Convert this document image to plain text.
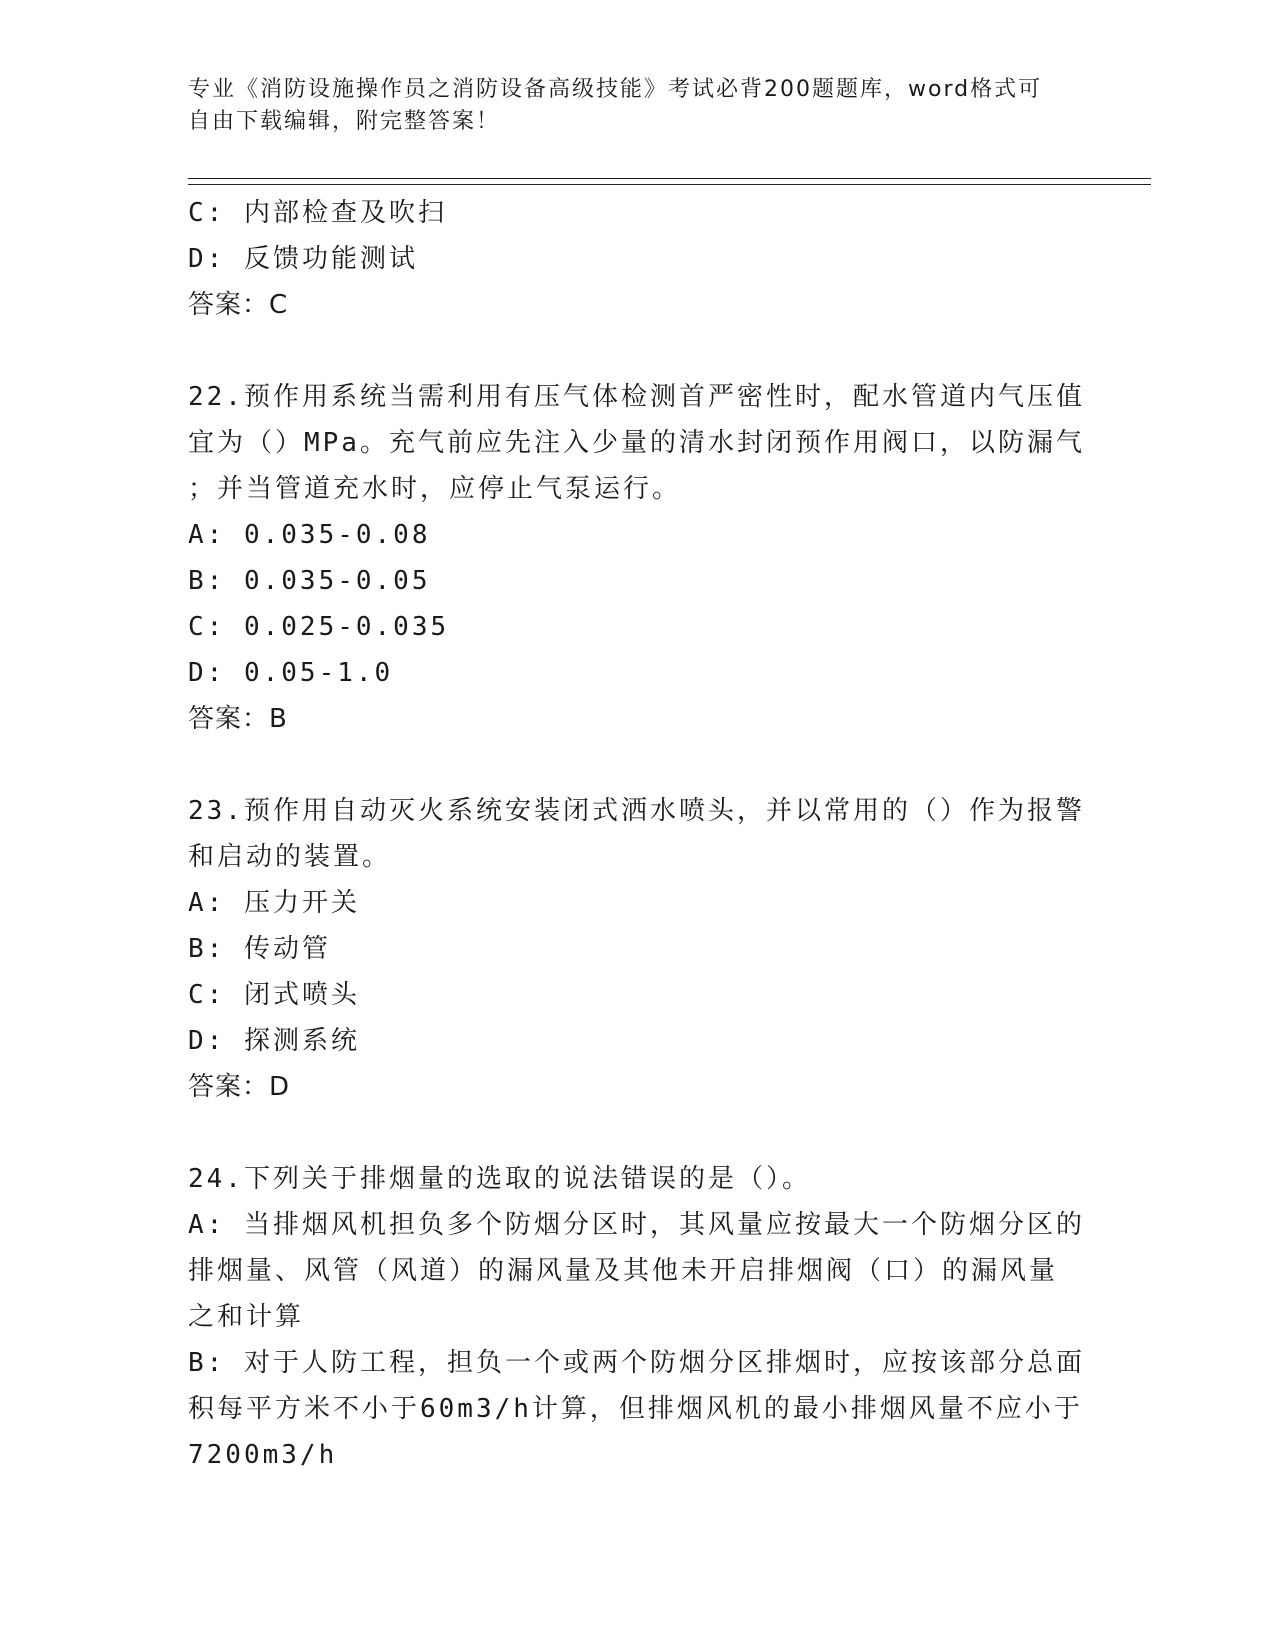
专业《消防设施操作员之消防设备高级技能》考试必背200题题库，word格式可
自由下载编辑，附完整答案！
C: 内部检查及吹扫
D: 反馈功能测试
答案：C
22.预作用系统当需利用有压气体检测首严密性时，配水管道内气压值
宜为（）MPa。充气前应先注入少量的清水封闭预作用阀口，以防漏气
；并当管道充水时，应停止气泵运行。
A: 0.035-0.08
B: 0.035-0.05
C: 0.025-0.035
D: 0.05-1.0
答案：B
23.预作用自动灭火系统安装闭式洒水喷头，并以常用的（）作为报警
和启动的装置。
A: 压力开关
B: 传动管
C: 闭式喷头
D: 探测系统
答案：D
24.下列关于排烟量的选取的说法错误的是（）。
A: 当排烟风机担负多个防烟分区时，其风量应按最大一个防烟分区的
排烟量、风管（风道）的漏风量及其他未开启排烟阀（口）的漏风量
之和计算
B: 对于人防工程，担负一个或两个防烟分区排烟时，应按该部分总面
积每平方米不小于60m3/h计算，但排烟风机的最小排烟风量不应小于
7200m3/h
